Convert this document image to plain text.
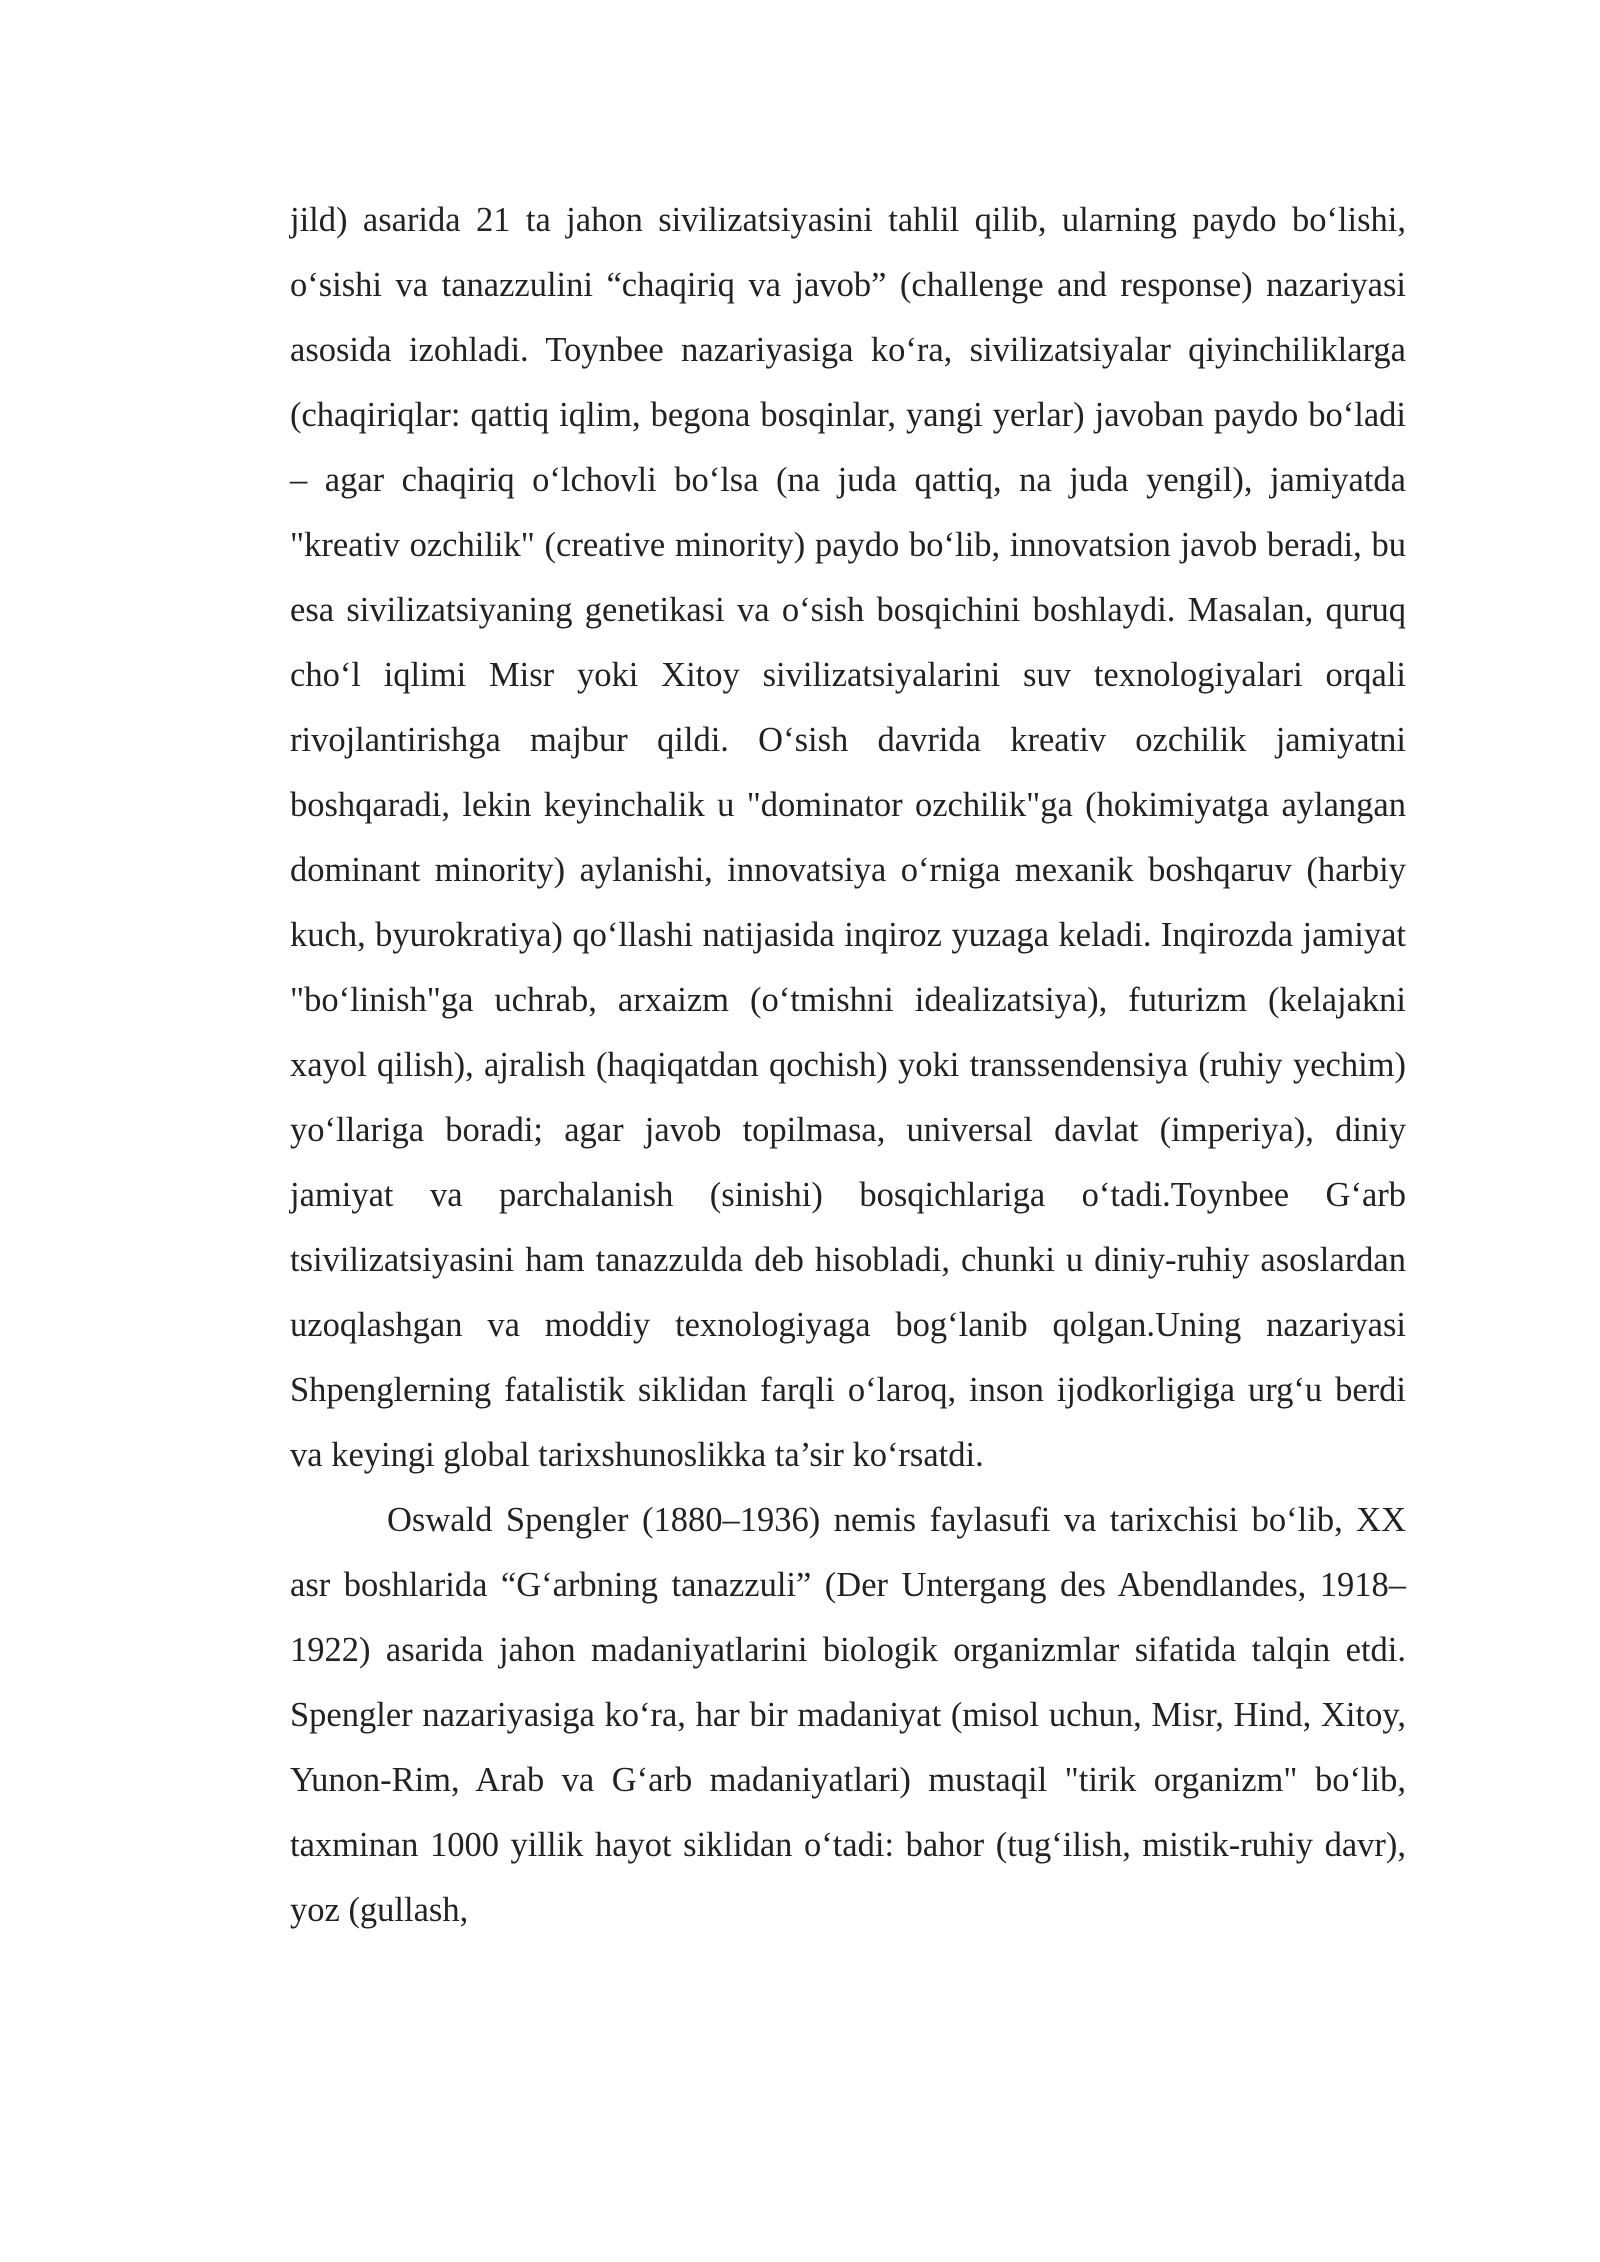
jild) asarida 21 ta jahon sivilizatsiyasini tahlil qilib, ularning paydo bo‘lishi, o‘sishi va tanazzulini “chaqiriq va javob” (challenge and response) nazariyasi asosida izohladi. Toynbee nazariyasiga ko‘ra, sivilizatsiyalar qiyinchiliklarga (chaqiriqlar: qattiq iqlim, begona bosqinlar, yangi yerlar) javoban paydo bo‘ladi – agar chaqiriq o‘lchovli bo‘lsa (na juda qattiq, na juda yengil), jamiyatda "kreativ ozchilik" (creative minority) paydo bo‘lib, innovatsion javob beradi, bu esa sivilizatsiyaning genetikasi va o‘sish bosqichini boshlaydi. Masalan, quruq cho‘l iqlimi Misr yoki Xitoy sivilizatsiyalarini suv texnologiyalari orqali rivojlantirishga majbur qildi. O‘sish davrida kreativ ozchilik jamiyatni boshqaradi, lekin keyinchalik u "dominator ozchilik"ga (hokimiyatga aylangan dominant minority) aylanishi, innovatsiya o‘rniga mexanik boshqaruv (harbiy kuch, byurokratiya) qo‘llashi natijasida inqiroz yuzaga keladi. Inqirozda jamiyat "bo‘linish"ga uchrab, arxaizm (o‘tmishni idealizatsiya), futurizm (kelajakni xayol qilish), ajralish (haqiqatdan qochish) yoki transsendensiya (ruhiy yechim) yo‘llariga boradi; agar javob topilmasa, universal davlat (imperiya), diniy jamiyat va parchalanish (sinishi) bosqichlariga o‘tadi.Toynbee G‘arb tsivilizatsiyasini ham tanazzulda deb hisobladi, chunki u diniy-ruhiy asoslardan uzoqlashgan va moddiy texnologiyaga bog‘lanib qolgan.Uning nazariyasi Shpenglerning fatalistik siklidan farqli o‘laroq, inson ijodkorligiga urg‘u berdi va keyingi global tarixshunoslikka ta’sir ko‘rsatdi.

Oswald Spengler (1880–1936) nemis faylasufi va tarixchisi bo‘lib, XX asr boshlarida “G‘arbning tanazzuli” (Der Untergang des Abendlandes, 1918–1922) asarida jahon madaniyatlarini biologik organizmlar sifatida talqin etdi. Spengler nazariyasiga ko‘ra, har bir madaniyat (misol uchun, Misr, Hind, Xitoy, Yunon-Rim, Arab va G‘arb madaniyatlari) mustaqil "tirik organizm" bo‘lib, taxminan 1000 yillik hayot siklidan o‘tadi: bahor (tug‘ilish, mistik-ruhiy davr), yoz (gullash,
